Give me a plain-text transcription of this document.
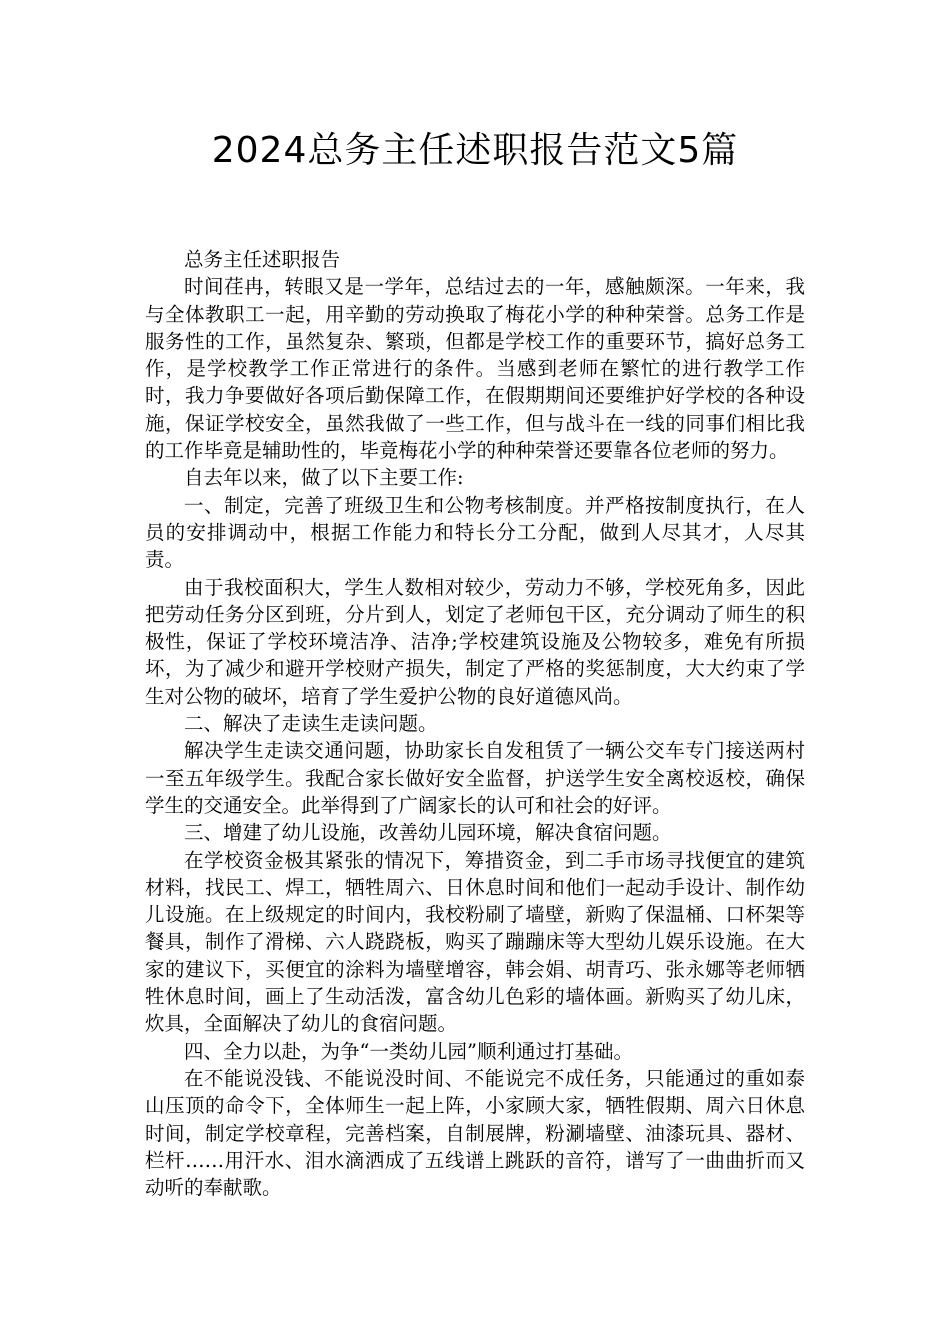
2024总务主任述职报告范文5篇

总务主任述职报告

时间荏冉，转眼又是一学年，总结过去的一年，感触颇深。一年来，我与全体教职工一起，用辛勤的劳动换取了梅花小学的种种荣誉。总务工作是服务性的工作，虽然复杂、繁琐，但都是学校工作的重要环节，搞好总务工作，是学校教学工作正常进行的条件。当感到老师在繁忙的进行教学工作时，我力争要做好各项后勤保障工作，在假期期间还要维护好学校的各种设施，保证学校安全，虽然我做了一些工作，但与战斗在一线的同事们相比我的工作毕竟是辅助性的，毕竟梅花小学的种种荣誉还要靠各位老师的努力。

自去年以来，做了以下主要工作:

一、制定，完善了班级卫生和公物考核制度。并严格按制度执行，在人员的安排调动中，根据工作能力和特长分工分配，做到人尽其才，人尽其责。

由于我校面积大，学生人数相对较少，劳动力不够，学校死角多，因此把劳动任务分区到班，分片到人，划定了老师包干区，充分调动了师生的积极性，保证了学校环境洁净、洁净;学校建筑设施及公物较多，难免有所损坏，为了减少和避开学校财产损失，制定了严格的奖惩制度，大大约束了学生对公物的破坏，培育了学生爱护公物的良好道德风尚。

二、解决了走读生走读问题。

解决学生走读交通问题，协助家长自发租赁了一辆公交车专门接送两村一至五年级学生。我配合家长做好安全监督，护送学生安全离校返校，确保学生的交通安全。此举得到了广阔家长的认可和社会的好评。

三、增建了幼儿设施，改善幼儿园环境，解决食宿问题。

在学校资金极其紧张的情况下，筹措资金，到二手市场寻找便宜的建筑材料，找民工、焊工，牺牲周六、日休息时间和他们一起动手设计、制作幼儿设施。在上级规定的时间内，我校粉刷了墙壁，新购了保温桶、口杯架等餐具，制作了滑梯、六人跷跷板，购买了蹦蹦床等大型幼儿娱乐设施。在大家的建议下，买便宜的涂料为墙壁增容，韩会娟、胡青巧、张永娜等老师牺牲休息时间，画上了生动活泼，富含幼儿色彩的墙体画。新购买了幼儿床，炊具，全面解决了幼儿的食宿问题。

四、全力以赴，为争“一类幼儿园”顺利通过打基础。

在不能说没钱、不能说没时间、不能说完不成任务，只能通过的重如泰山压顶的命令下，全体师生一起上阵，小家顾大家，牺牲假期、周六日休息时间，制定学校章程，完善档案，自制展牌，粉涮墙壁、油漆玩具、器材、栏杆……用汗水、泪水滴洒成了五线谱上跳跃的音符，谱写了一曲曲折而又动听的奉献歌。
